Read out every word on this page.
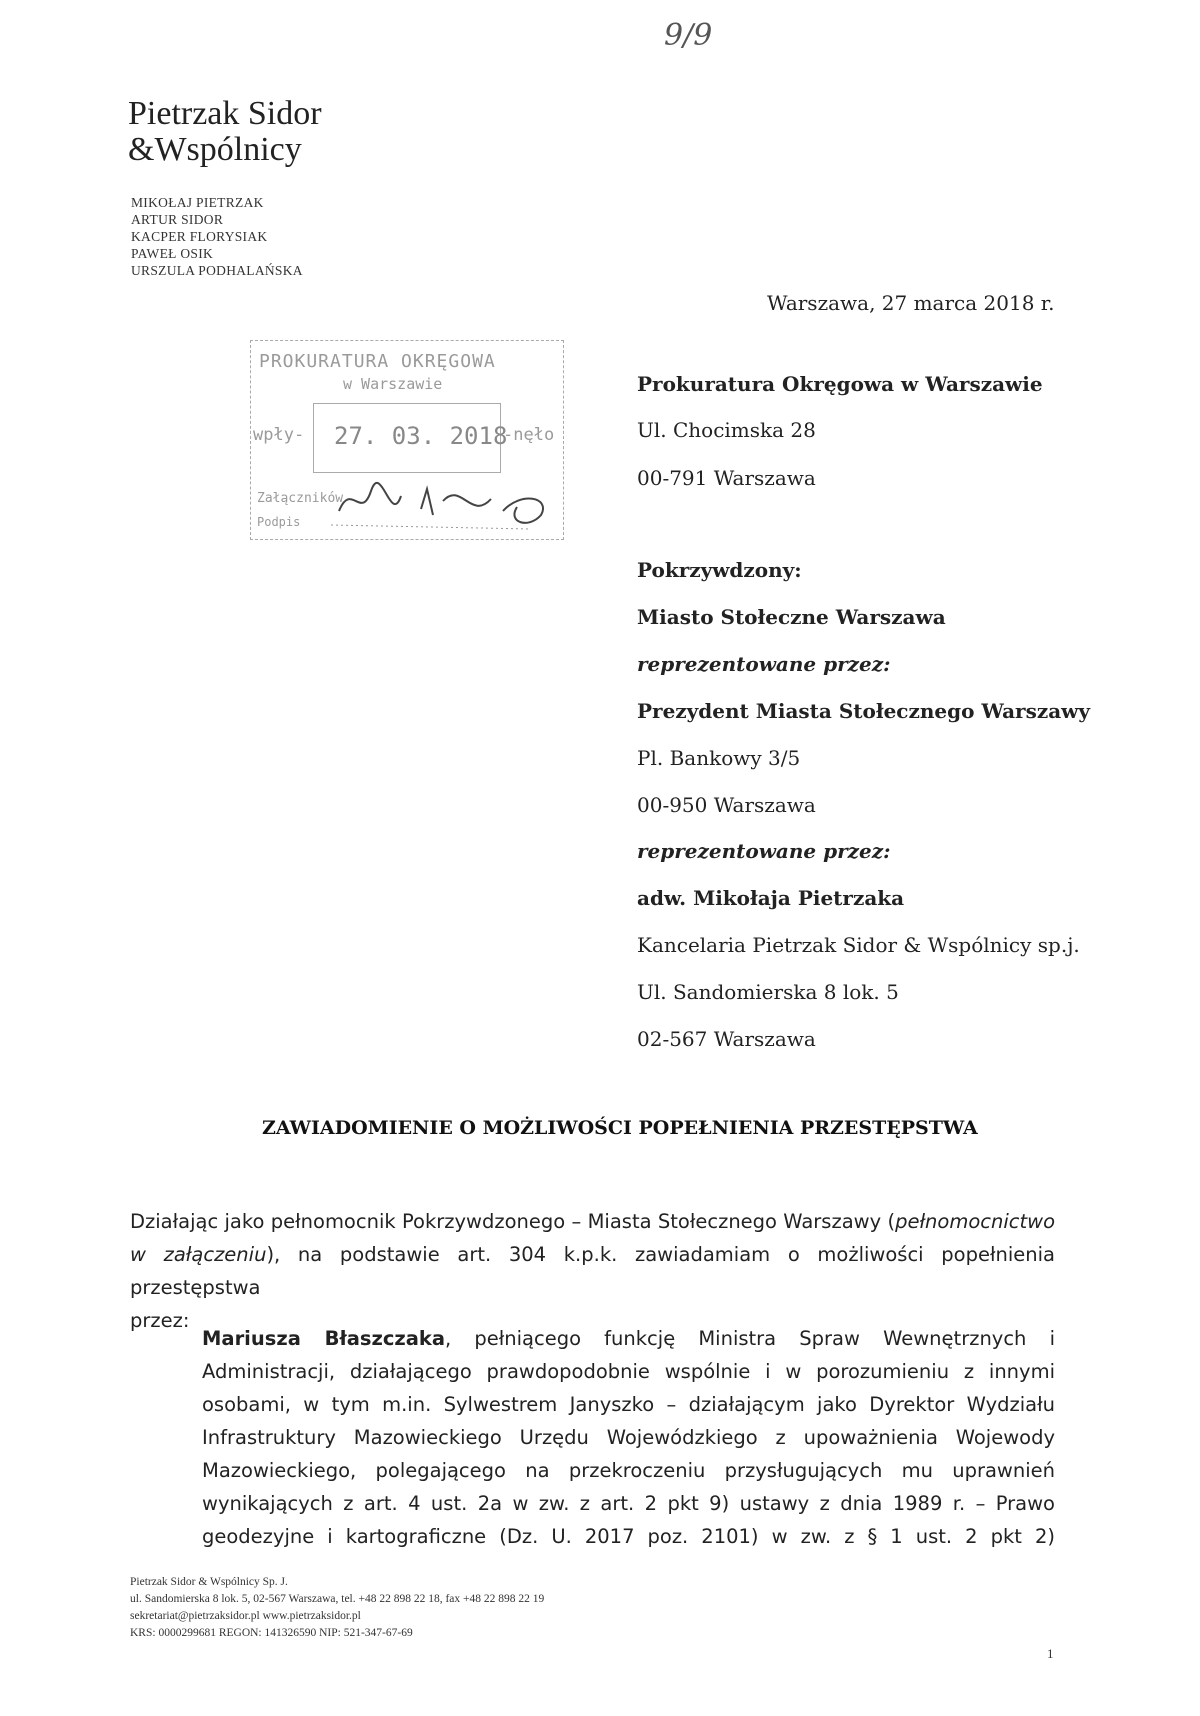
9/9
Pietrzak Sidor
&Wspólnicy
MIKOŁAJ PIETRZAK
ARTUR SIDOR
KACPER FLORYSIAK
PAWEŁ OSIK
URSZULA PODHALAŃSKA
Warszawa, 27 marca 2018 r.
PROKURATURA OKRĘGOWA
w Warszawie
wpły- 27. 03. 2018
-nęło
Załączników
Podpis
Prokuratura Okręgowa w Warszawie
Ul. Chocimska 28
00-791 Warszawa
Pokrzywdzony:
Miasto Stołeczne Warszawa
reprezentowane przez:
Prezydent Miasta Stołecznego Warszawy
Pl. Bankowy 3/5
00-950 Warszawa
reprezentowane przez:
adw. Mikołaja Pietrzaka
Kancelaria Pietrzak Sidor & Wspólnicy sp.j.
Ul. Sandomierska 8 lok. 5
02-567 Warszawa
ZAWIADOMIENIE O MOŻLIWOŚCI POPEŁNIENIA PRZESTĘPSTWA
Działając jako pełnomocnik Pokrzywdzonego – Miasta Stołecznego Warszawy (pełnomocnictwo
w załączeniu), na podstawie art. 304 k.p.k. zawiadamiam o możliwości popełnienia przestępstwa
przez:
Mariusza Błaszczaka, pełniącego funkcję Ministra Spraw Wewnętrznych i
Administracji, działającego prawdopodobnie wspólnie i w porozumieniu z innymi
osobami, w tym m.in. Sylwestrem Janyszko – działającym jako Dyrektor Wydziału
Infrastruktury Mazowieckiego Urzędu Wojewódzkiego z upoważnienia Wojewody
Mazowieckiego, polegającego na przekroczeniu przysługujących mu uprawnień
wynikających z art. 4 ust. 2a w zw. z art. 2 pkt 9) ustawy z dnia 1989 r. – Prawo
geodezyjne i kartograficzne (Dz. U. 2017 poz. 2101) w zw. z § 1 ust. 2 pkt 2)
Pietrzak Sidor & Wspólnicy Sp. J.
ul. Sandomierska 8 lok. 5, 02-567 Warszawa, tel. +48 22 898 22 18, fax +48 22 898 22 19
sekretariat@pietrzaksidor.pl www.pietrzaksidor.pl
KRS: 0000299681 REGON: 141326590 NIP: 521-347-67-69
1
